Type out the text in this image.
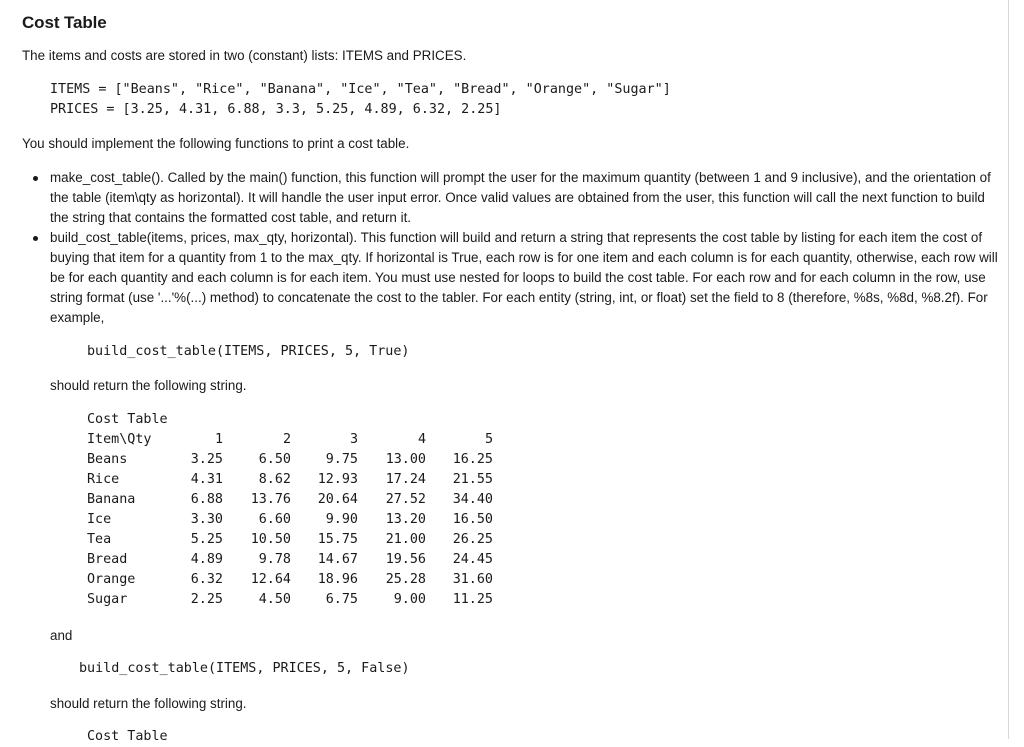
Cost Table

The items and costs are stored in two (constant) lists: ITEMS and PRICES.

ITEMS = ["Beans", "Rice", "Banana", "Ice", "Tea", "Bread", "Orange", "Sugar"]
PRICES = [3.25, 4.31, 6.88, 3.3, 5.25, 4.89, 6.32, 2.25]

You should implement the following functions to print a cost table.

make_cost_table(). Called by the main() function, this function will prompt the user for the maximum quantity (between 1 and 9 inclusive), and the orientation of the table (item\qty as horizontal). It will handle the user input error. Once valid values are obtained from the user, this function will call the next function to build the string that contains the formatted cost table, and return it.
build_cost_table(items, prices, max_qty, horizontal). This function will build and return a string that represents the cost table by listing for each item the cost of buying that item for a quantity from 1 to the max_qty. If horizontal is True, each row is for one item and each column is for each quantity, otherwise, each row will be for each quantity and each column is for each item. You must use nested for loops to build the cost table. For each row and for each column in the row, use string format (use '...'%(...) method) to concatenate the cost to the tabler. For each entity (string, int, or float) set the field to 8 (therefore, %8s, %8d, %8.2f). For example,
build_cost_table(ITEMS, PRICES, 5, True)

should return the following string.

Cost Table
Item\Qty	1	2	3	4	5
Beans	3.25	6.50	9.75	13.00	16.25
Rice	4.31	8.62	12.93	17.24	21.55
Banana	6.88	13.76	20.64	27.52	34.40
Ice	3.30	6.60	9.90	13.20	16.50
Tea	5.25	10.50	15.75	21.00	26.25
Bread	4.89	9.78	14.67	19.56	24.45
Orange	6.32	12.64	18.96	25.28	31.60
Sugar	2.25	4.50	6.75	9.00	11.25

and

build_cost_table(ITEMS, PRICES, 5, False)

should return the following string.

Cost Table
